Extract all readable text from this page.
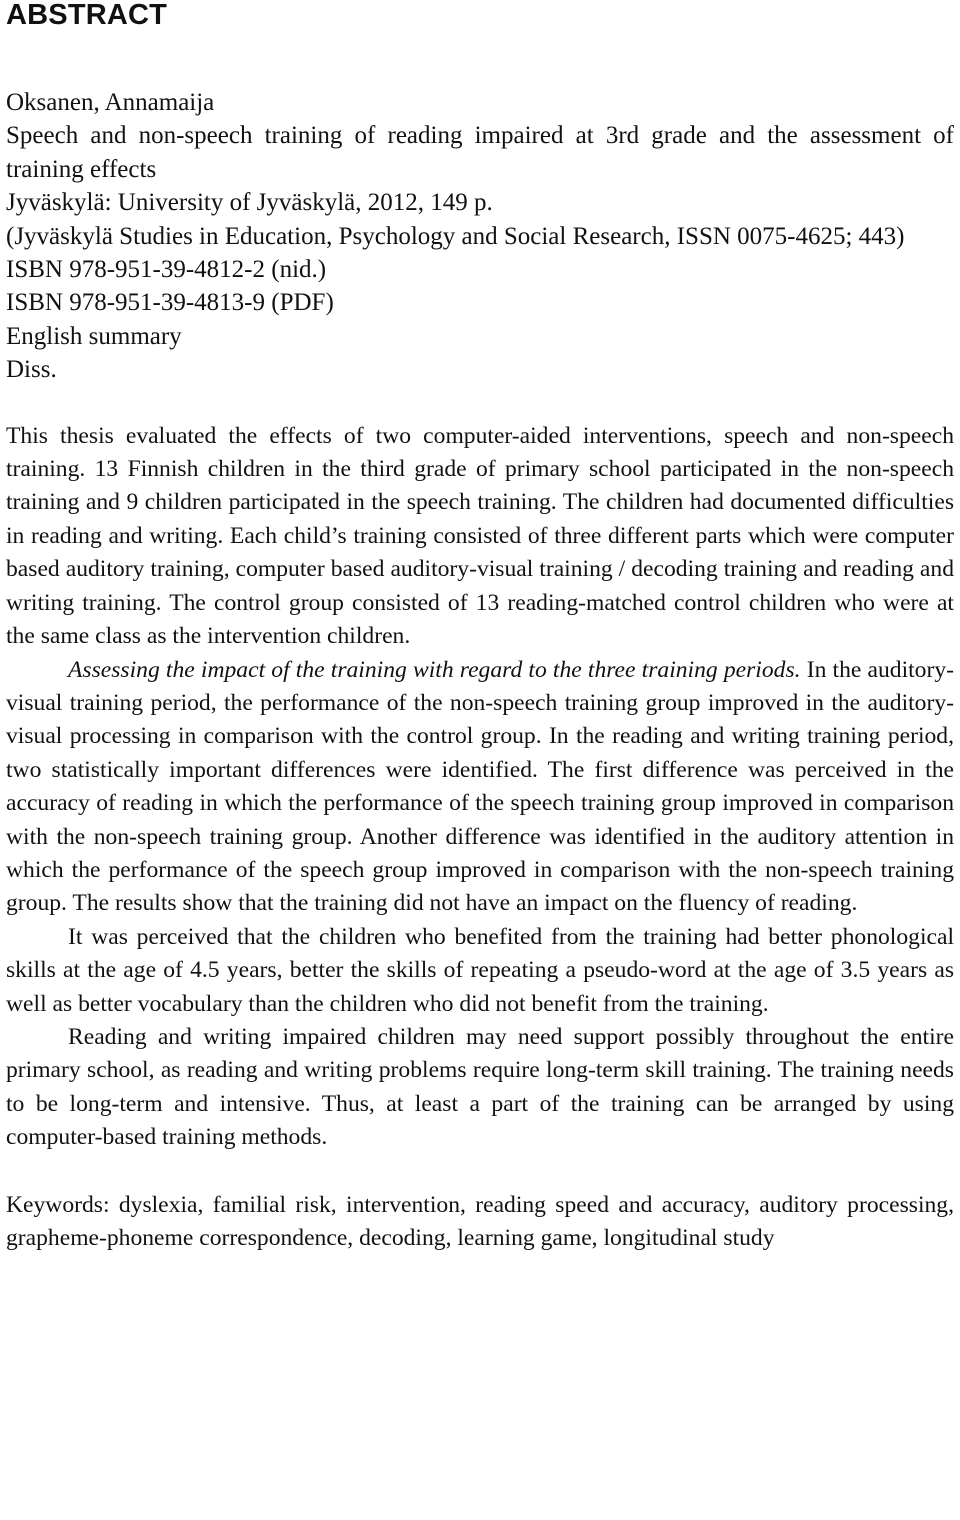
ABSTRACT
Oksanen, Annamaija
Speech and non-speech training of reading impaired at 3rd grade and the assessment of training effects
Jyväskylä: University of Jyväskylä, 2012, 149 p.
(Jyväskylä Studies in Education, Psychology and Social Research, ISSN 0075-4625; 443)
ISBN 978-951-39-4812-2 (nid.)
ISBN 978-951-39-4813-9 (PDF)
English summary
Diss.

This thesis evaluated the effects of two computer-aided interventions, speech and non-speech training. 13 Finnish children in the third grade of primary school participated in the non-speech training and 9 children participated in the speech training. The children had documented difficulties in reading and writing. Each child’s training consisted of three different parts which were computer based auditory training, computer based auditory-visual training / decoding training and reading and writing training. The control group consisted of 13 reading-matched control children who were at the same class as the intervention children.

Assessing the impact of the training with regard to the three training periods. In the auditory-visual training period, the performance of the non-speech training group improved in the auditory-visual processing in comparison with the control group. In the reading and writing training period, two statistically important differences were identified. The first difference was perceived in the accuracy of reading in which the performance of the speech training group improved in comparison with the non-speech training group. Another difference was identified in the auditory attention in which the performance of the speech group improved in comparison with the non-speech training group. The results show that the training did not have an impact on the fluency of reading.

It was perceived that the children who benefited from the training had better phonological skills at the age of 4.5 years, better the skills of repeating a pseudo-word at the age of 3.5 years as well as better vocabulary than the children who did not benefit from the training.

Reading and writing impaired children may need support possibly throughout the entire primary school, as reading and writing problems require long-term skill training. The training needs to be long-term and intensive. Thus, at least a part of the training can be arranged by using computer-based training methods.

Keywords: dyslexia, familial risk, intervention, reading speed and accuracy, auditory processing, grapheme-phoneme correspondence, decoding, learning game, longitudinal study
